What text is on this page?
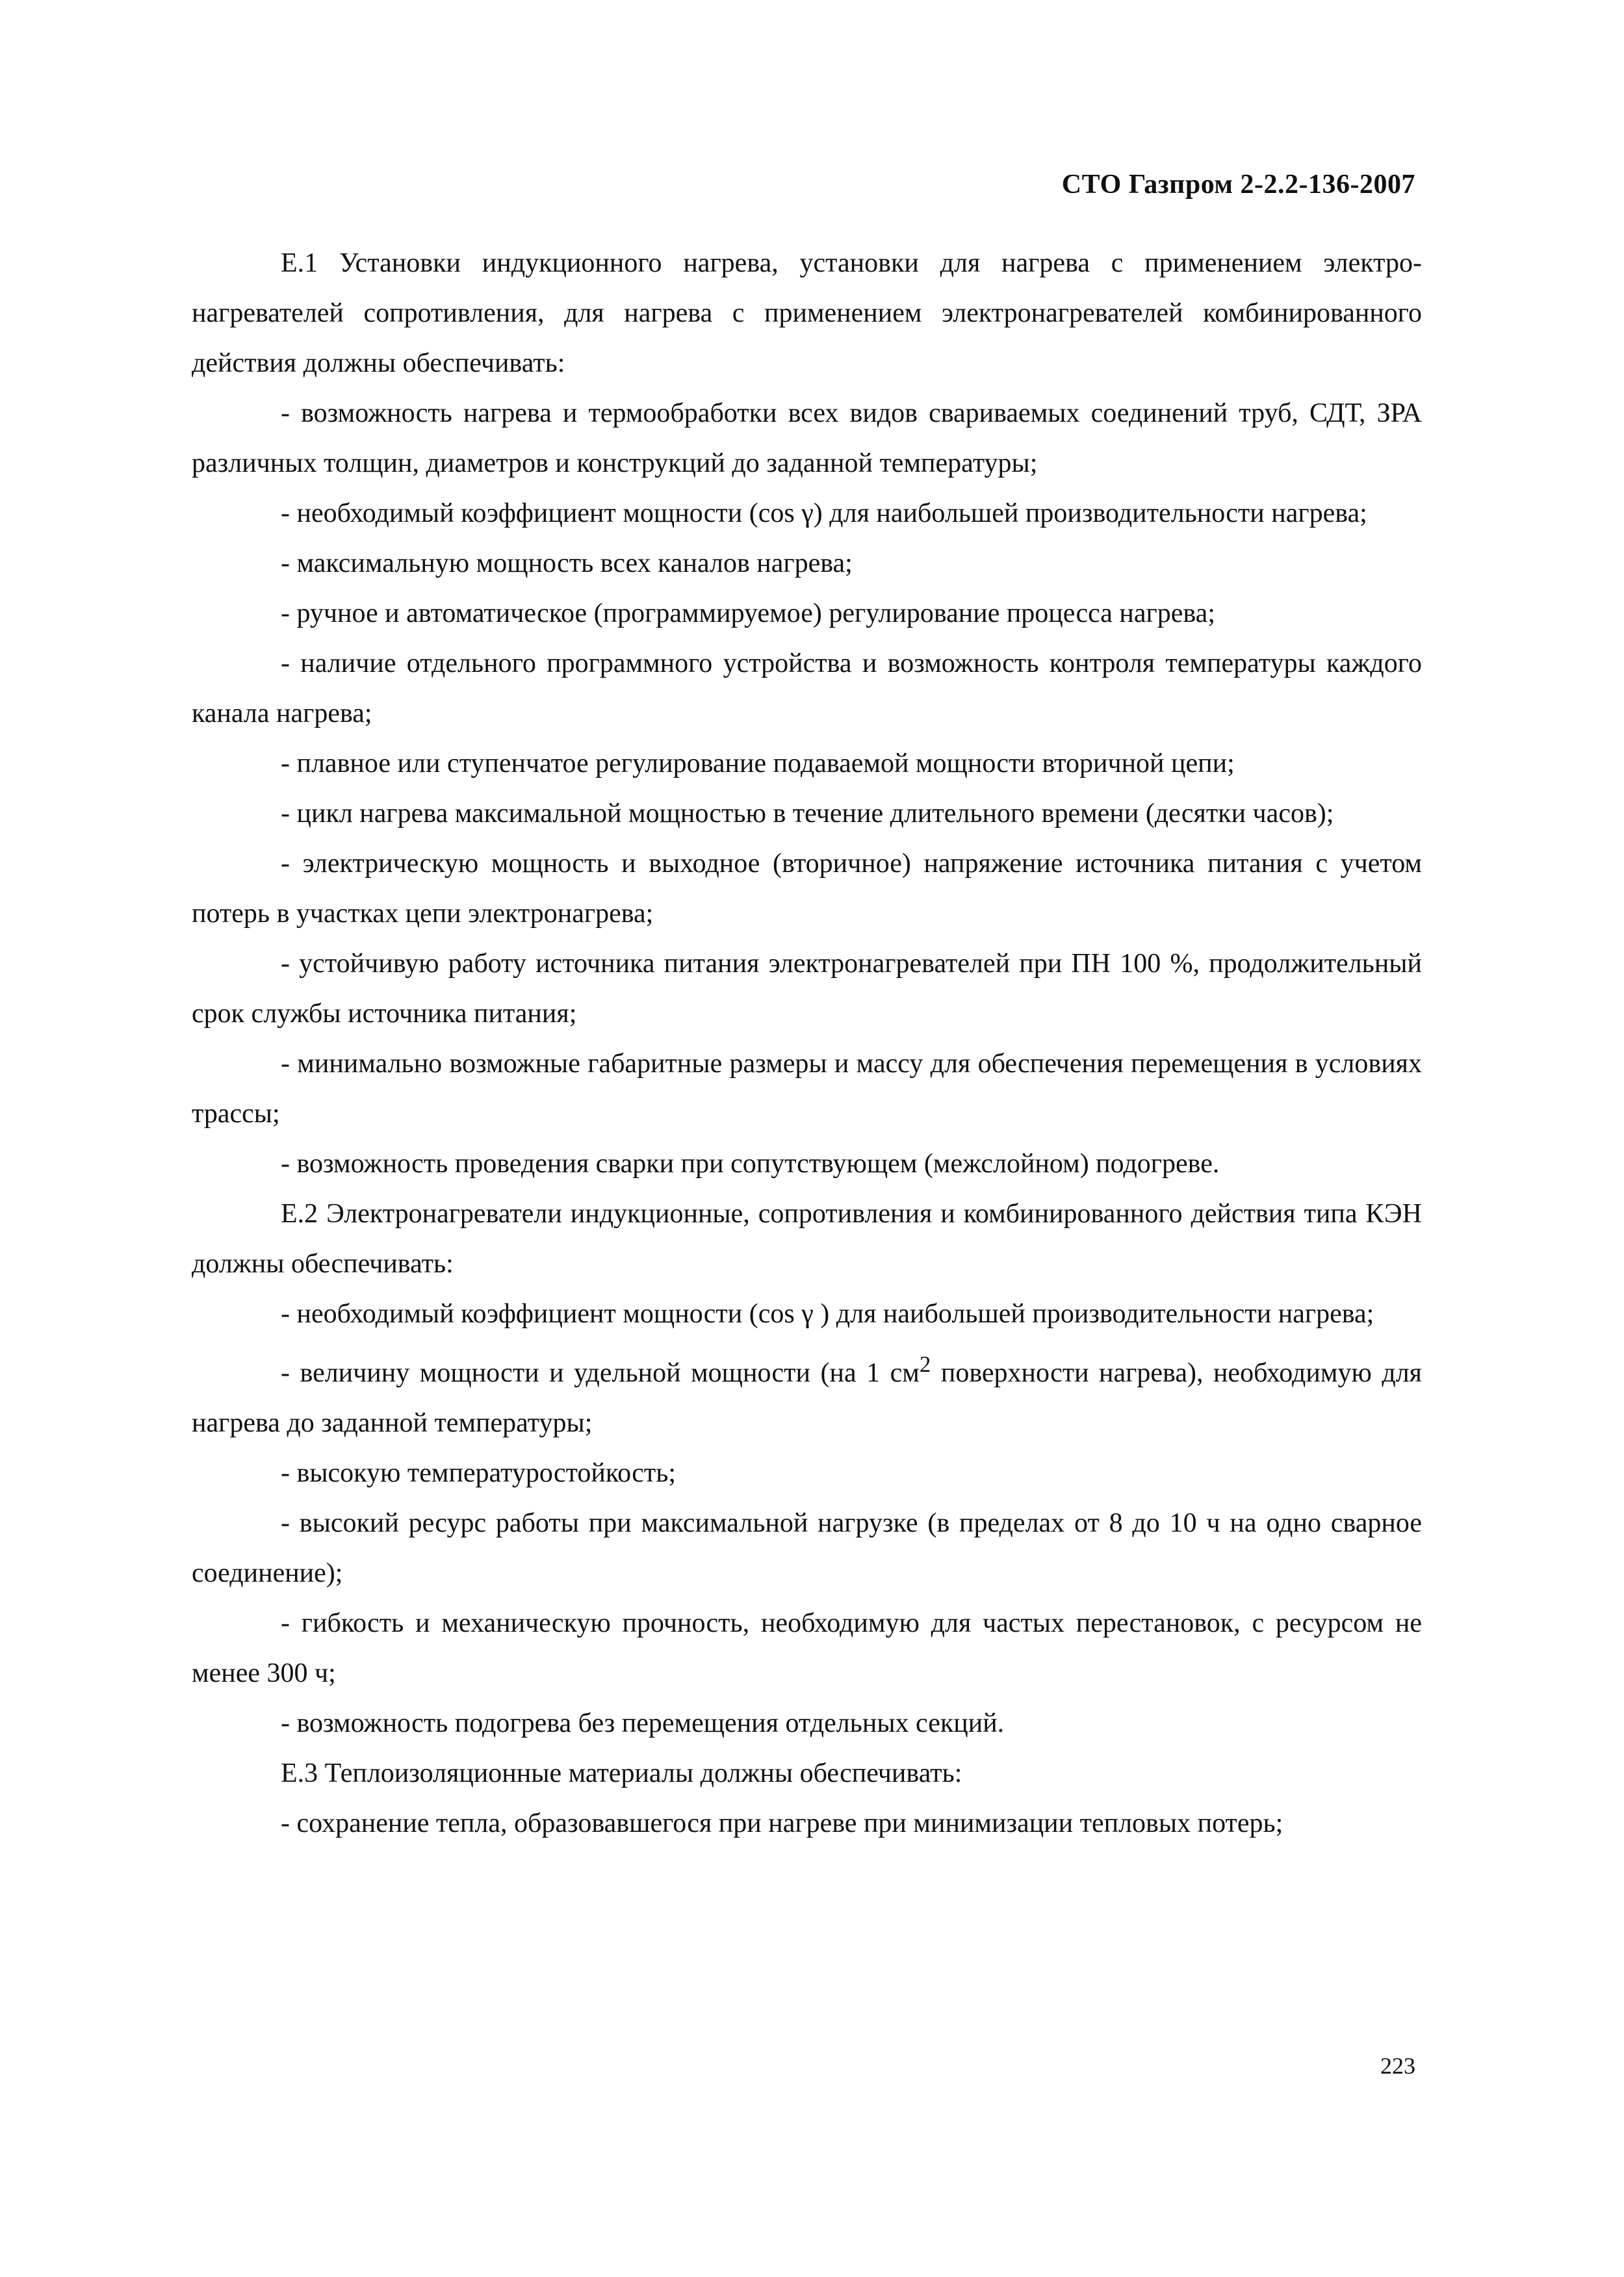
СТО Газпром 2-2.2-136-2007

Е.1 Установки индукционного нагрева, установки для нагрева с применением электронагревателей сопротивления, для нагрева с применением электронагревателей комбинированного действия должны обеспечивать:

- возможность нагрева и термообработки всех видов свариваемых соединений труб, СДТ, ЗРА различных толщин, диаметров и конструкций до заданной температуры;

- необходимый коэффициент мощности (cos γ) для наибольшей производительности нагрева;

- максимальную мощность всех каналов нагрева;

- ручное и автоматическое (программируемое) регулирование процесса нагрева;

- наличие отдельного программного устройства и возможность контроля температуры каждого канала нагрева;

- плавное или ступенчатое регулирование подаваемой мощности вторичной цепи;

- цикл нагрева максимальной мощностью в течение длительного времени (десятки часов);

- электрическую мощность и выходное (вторичное) напряжение источника питания с учетом потерь в участках цепи электронагрева;

- устойчивую работу источника питания электронагревателей при ПН 100 %, продолжительный срок службы источника питания;

- минимально возможные габаритные размеры и массу для обеспечения перемещения в условиях трассы;

- возможность проведения сварки при сопутствующем (межслойном) подогреве.

Е.2 Электронагреватели индукционные, сопротивления и комбинированного действия типа КЭН должны обеспечивать:

- необходимый коэффициент мощности (cos γ ) для наибольшей производительности нагрева;

- величину мощности и удельной мощности (на 1 $см^2$ поверхности нагрева), необходимую для нагрева до заданной температуры;

- высокую температуростойкость;

- высокий ресурс работы при максимальной нагрузке (в пределах от 8 до 10 ч на одно сварное соединение);

- гибкость и механическую прочность, необходимую для частых перестановок, с ресурсом не менее 300 ч;

- возможность подогрева без перемещения отдельных секций.

Е.3 Теплоизоляционные материалы должны обеспечивать:

- сохранение тепла, образовавшегося при нагреве при минимизации тепловых потерь;

223
